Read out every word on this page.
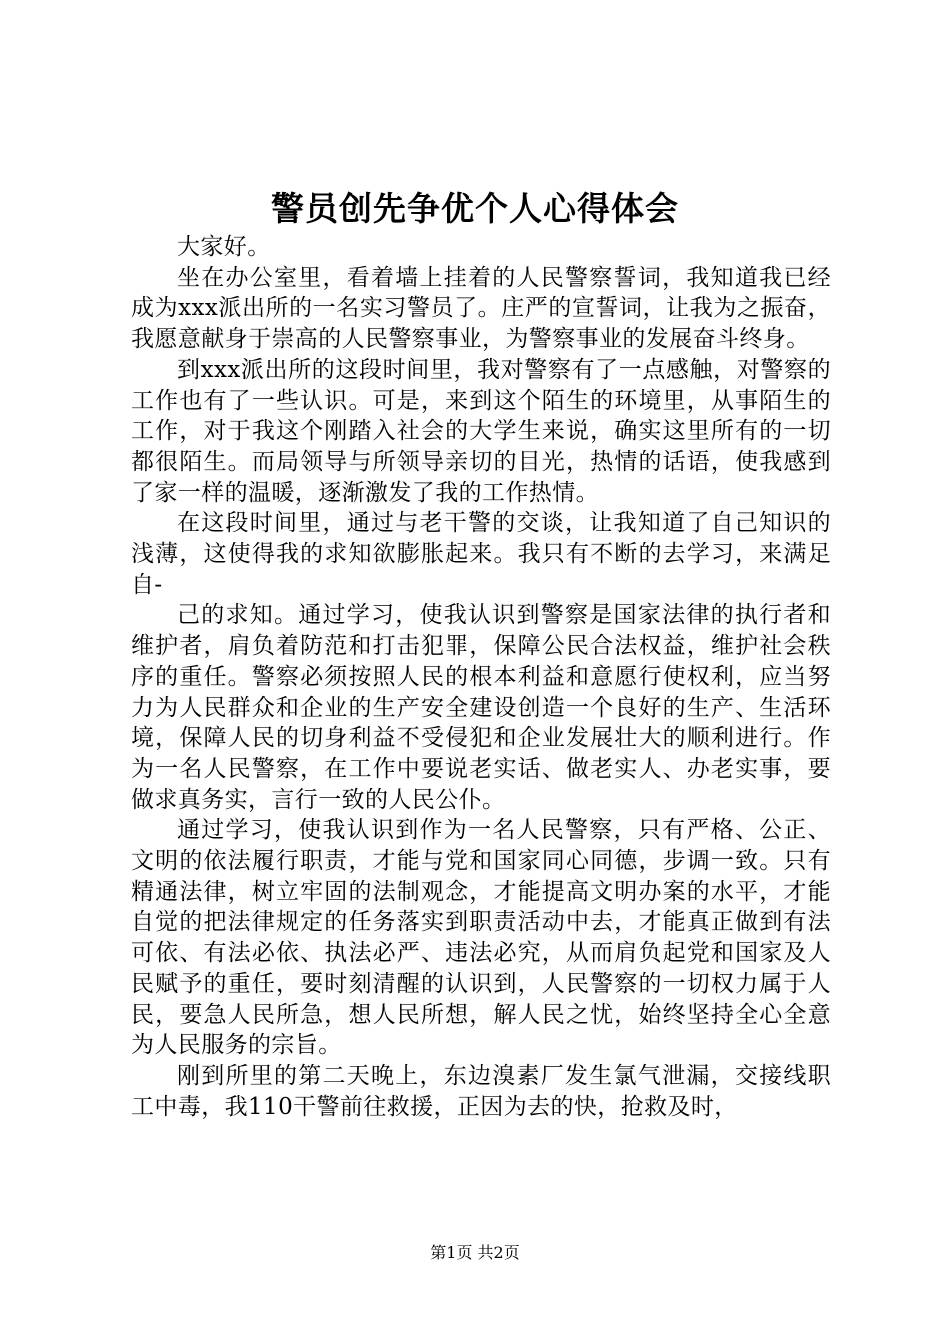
警员创先争优个人心得体会

大家好。

坐在办公室里，看着墙上挂着的人民警察誓词，我知道我已经成为xxx派出所的一名实习警员了。庄严的宣誓词，让我为之振奋，我愿意献身于崇高的人民警察事业，为警察事业的发展奋斗终身。

到xxx派出所的这段时间里，我对警察有了一点感触，对警察的工作也有了一些认识。可是，来到这个陌生的环境里，从事陌生的工作，对于我这个刚踏入社会的大学生来说，确实这里所有的一切都很陌生。而局领导与所领导亲切的目光，热情的话语，使我感到了家一样的温暖，逐渐激发了我的工作热情。

在这段时间里，通过与老干警的交谈，让我知道了自己知识的浅薄，这使得我的求知欲膨胀起来。我只有不断的去学习，来满足自-

己的求知。通过学习，使我认识到警察是国家法律的执行者和维护者，肩负着防范和打击犯罪，保障公民合法权益，维护社会秩序的重任。警察必须按照人民的根本利益和意愿行使权利，应当努力为人民群众和企业的生产安全建设创造一个良好的生产、生活环境，保障人民的切身利益不受侵犯和企业发展壮大的顺利进行。作为一名人民警察，在工作中要说老实话、做老实人、办老实事，要做求真务实，言行一致的人民公仆。

通过学习，使我认识到作为一名人民警察，只有严格、公正、文明的依法履行职责，才能与党和国家同心同德，步调一致。只有精通法律，树立牢固的法制观念，才能提高文明办案的水平，才能自觉的把法律规定的任务落实到职责活动中去，才能真正做到有法可依、有法必依、执法必严、违法必究，从而肩负起党和国家及人民赋予的重任，要时刻清醒的认识到，人民警察的一切权力属于人民，要急人民所急，想人民所想，解人民之忧，始终坚持全心全意为人民服务的宗旨。

刚到所里的第二天晚上，东边溴素厂发生氯气泄漏，交接线职工中毒，我110干警前往救援，正因为去的快，抢救及时，

第1页 共2页
